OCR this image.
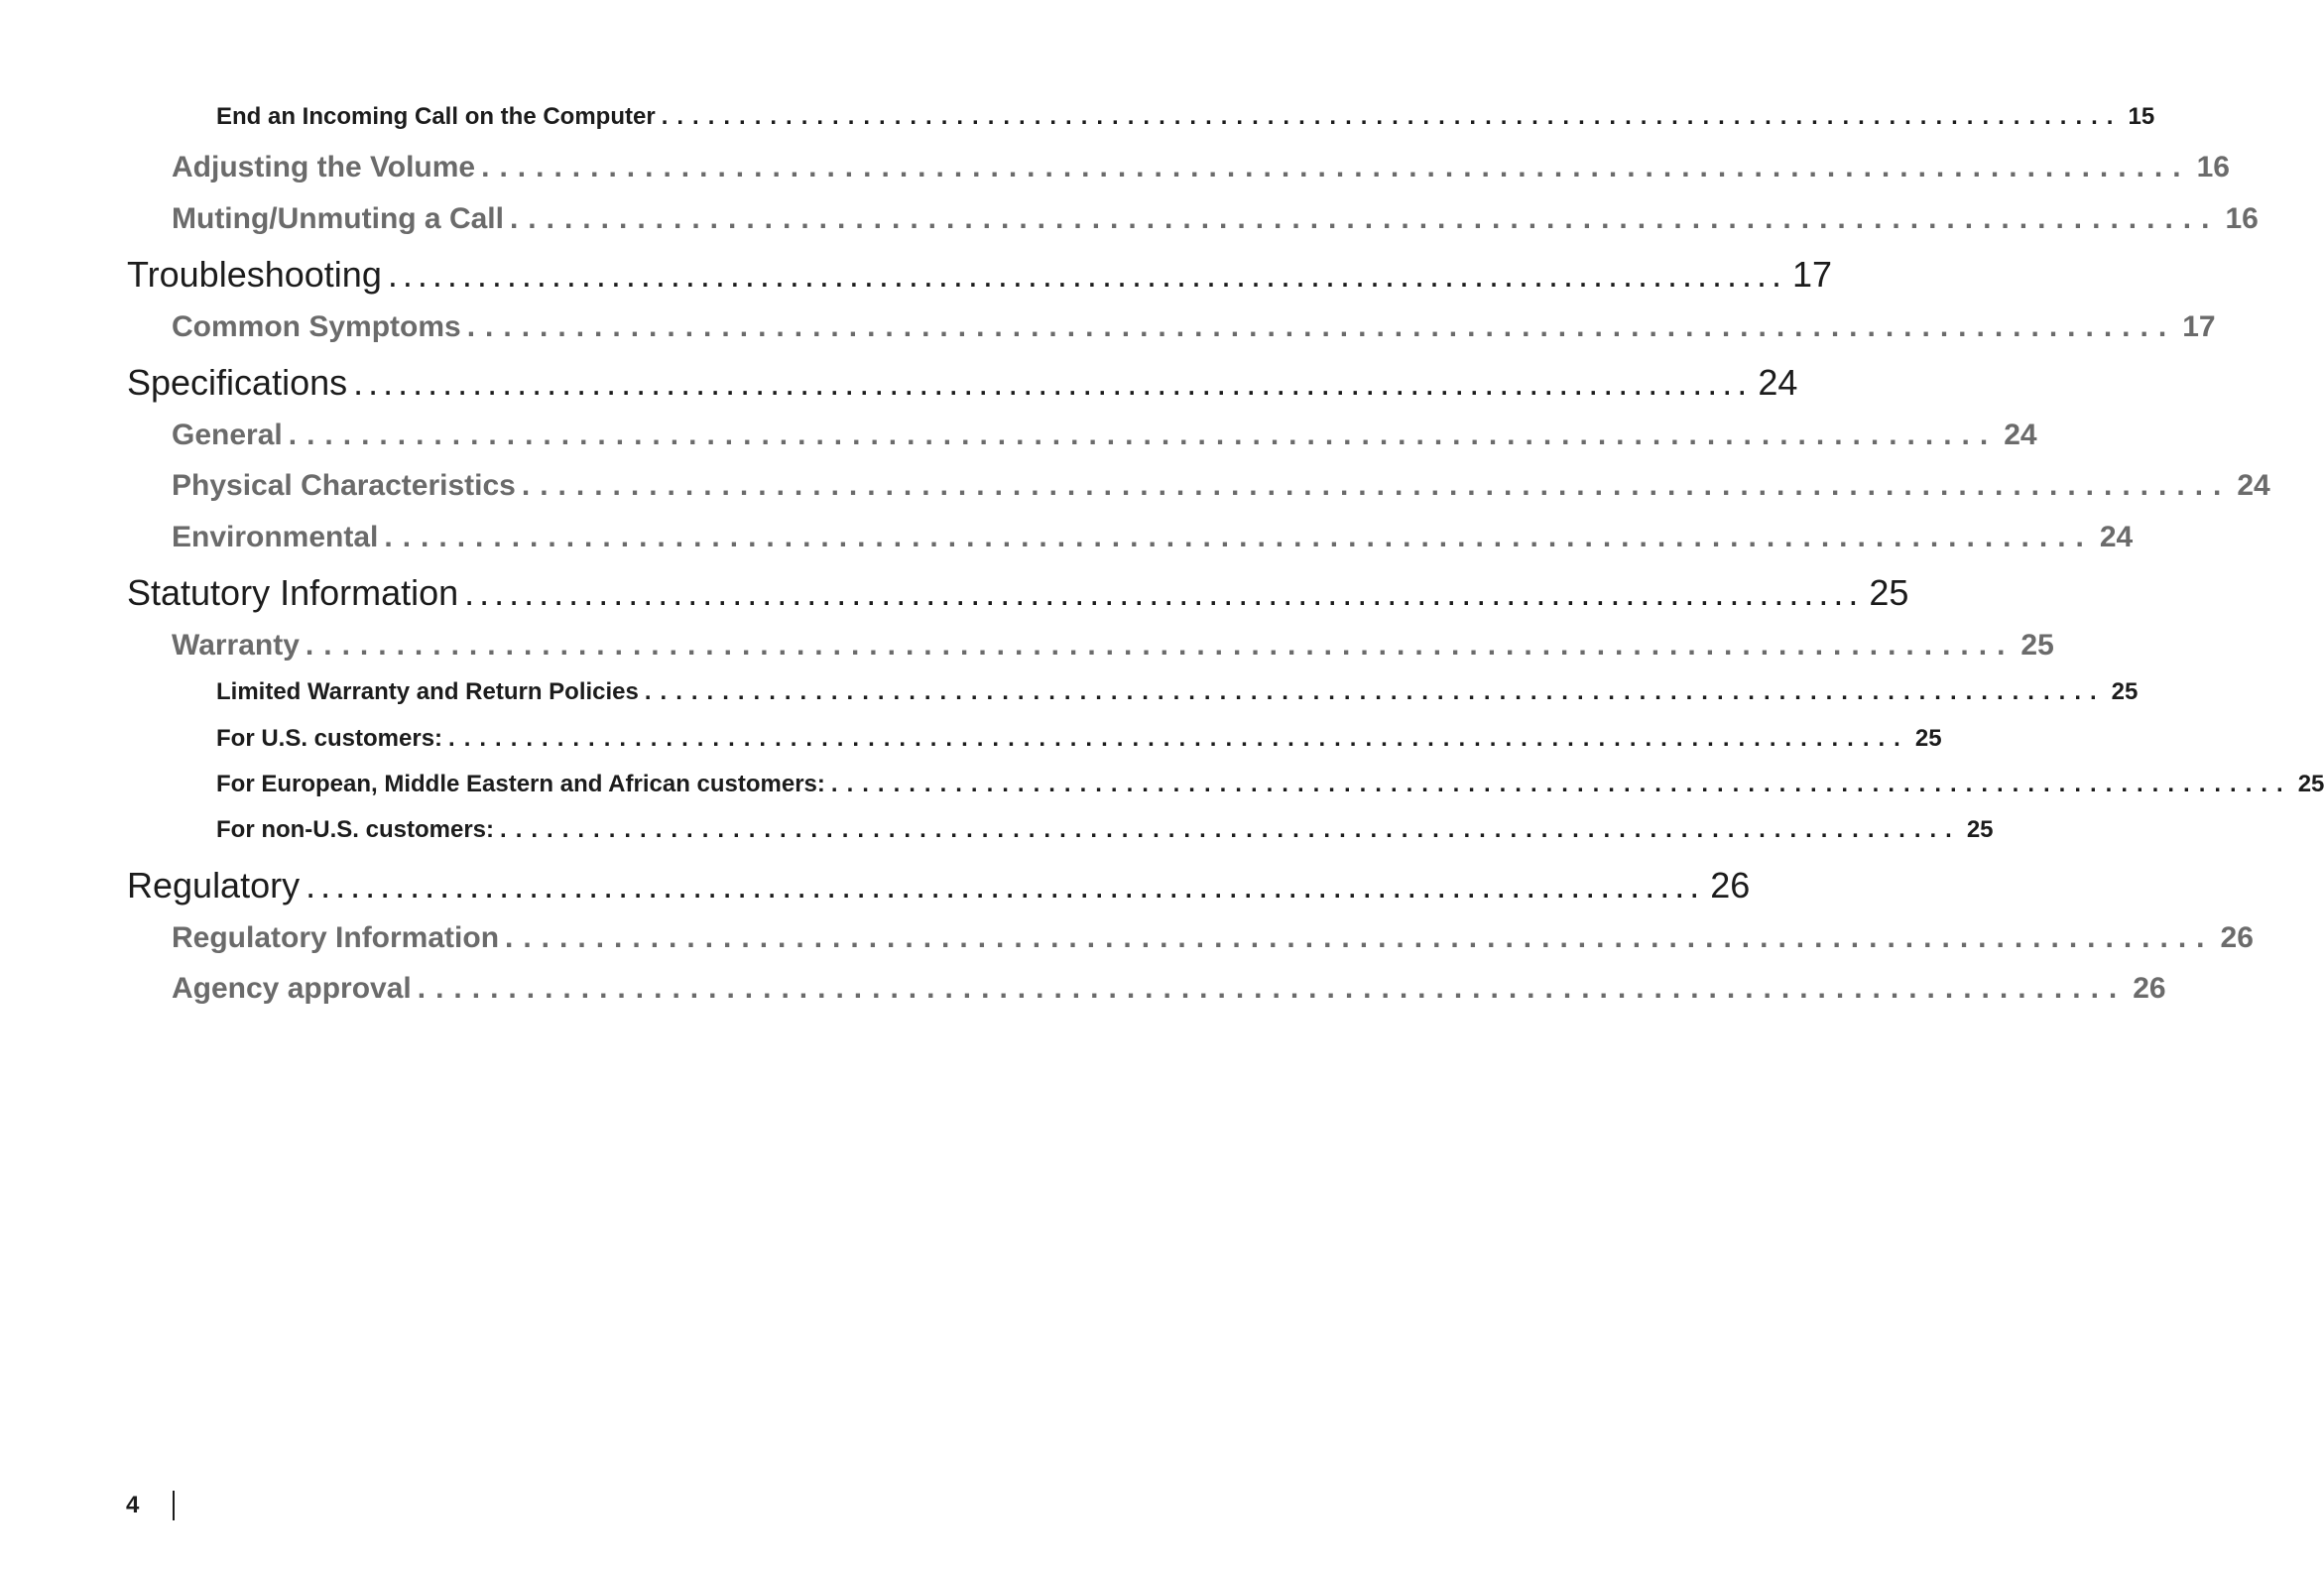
End an Incoming Call on the Computer .............................................................................................. 15
Adjusting the Volume .............................................................................................. 16
Muting/Unmuting a Call .............................................................................................. 16
Troubleshooting .............................................................................................. 17
Common Symptoms .............................................................................................. 17
Specifications .............................................................................................. 24
General .............................................................................................. 24
Physical Characteristics .............................................................................................. 24
Environmental .............................................................................................. 24
Statutory Information .............................................................................................. 25
Warranty .............................................................................................. 25
Limited Warranty and Return Policies .............................................................................................. 25
For U.S. customers: .............................................................................................. 25
For European, Middle Eastern and African customers: .............................................................................................. 25
For non-U.S. customers: .............................................................................................. 25
Regulatory .............................................................................................. 26
Regulatory Information .............................................................................................. 26
Agency approval .............................................................................................. 26
4
